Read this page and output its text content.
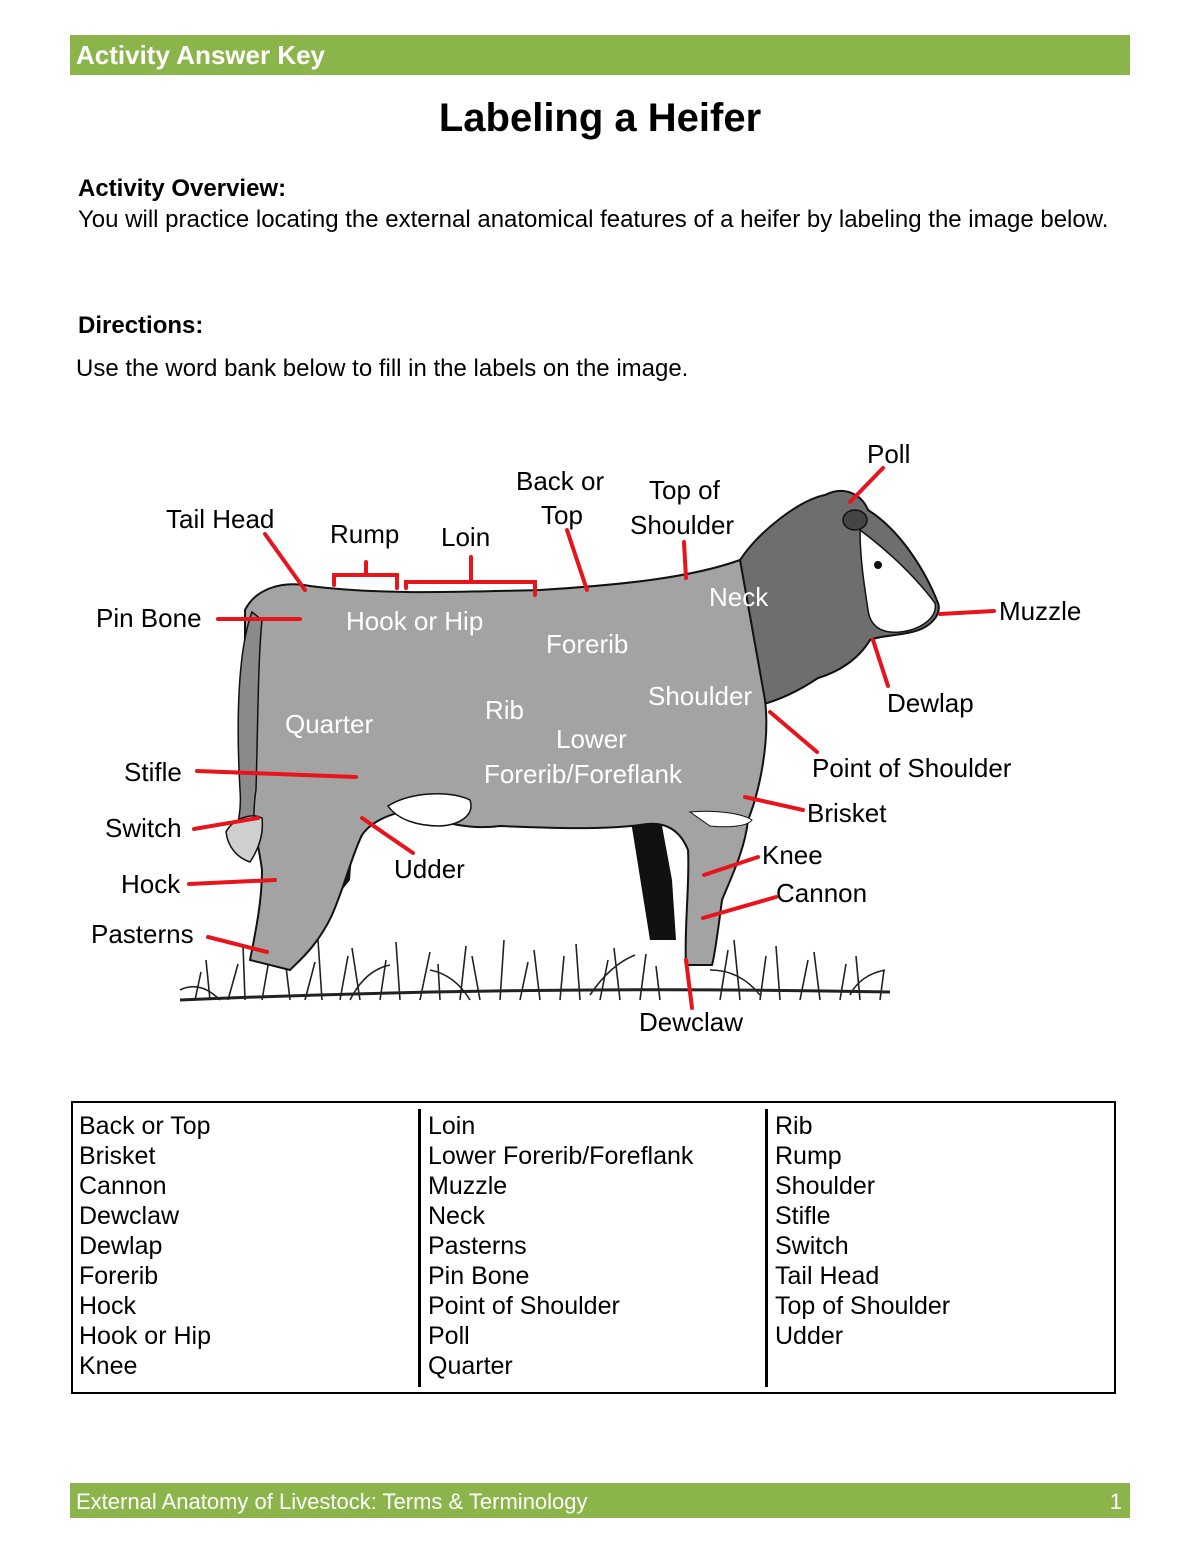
Activity Answer Key
Labeling a Heifer
Activity Overview:
You will practice locating the external anatomical features of a heifer by labeling the image below.
Directions:
Use the word bank below to fill in the labels on the image.
Poll
Tail Head
Back or
Top
Top of
Shoulder
Rump Loin
Pin Bone	Muzzle
Dewlap
Point of Shoulder
Stifle
Brisket
Switch
Udder	Knee
Hock	Cannon
Pasterns
Dewclaw
Hook or Hip
Neck
Forerib
Shoulder
Quarter	Rib
Lower
Forerib/Foreflank
Back or Top
Brisket
Cannon
Dewclaw
Dewlap
Forerib
Hock
Hook or Hip
Knee
Loin
Lower Forerib/Foreflank
Muzzle
Neck
Pasterns
Pin Bone
Point of Shoulder
Poll
Quarter
Rib
Rump
Shoulder
Stifle
Switch
Tail Head
Top of Shoulder
Udder
External Anatomy of Livestock: Terms & Terminology	1
